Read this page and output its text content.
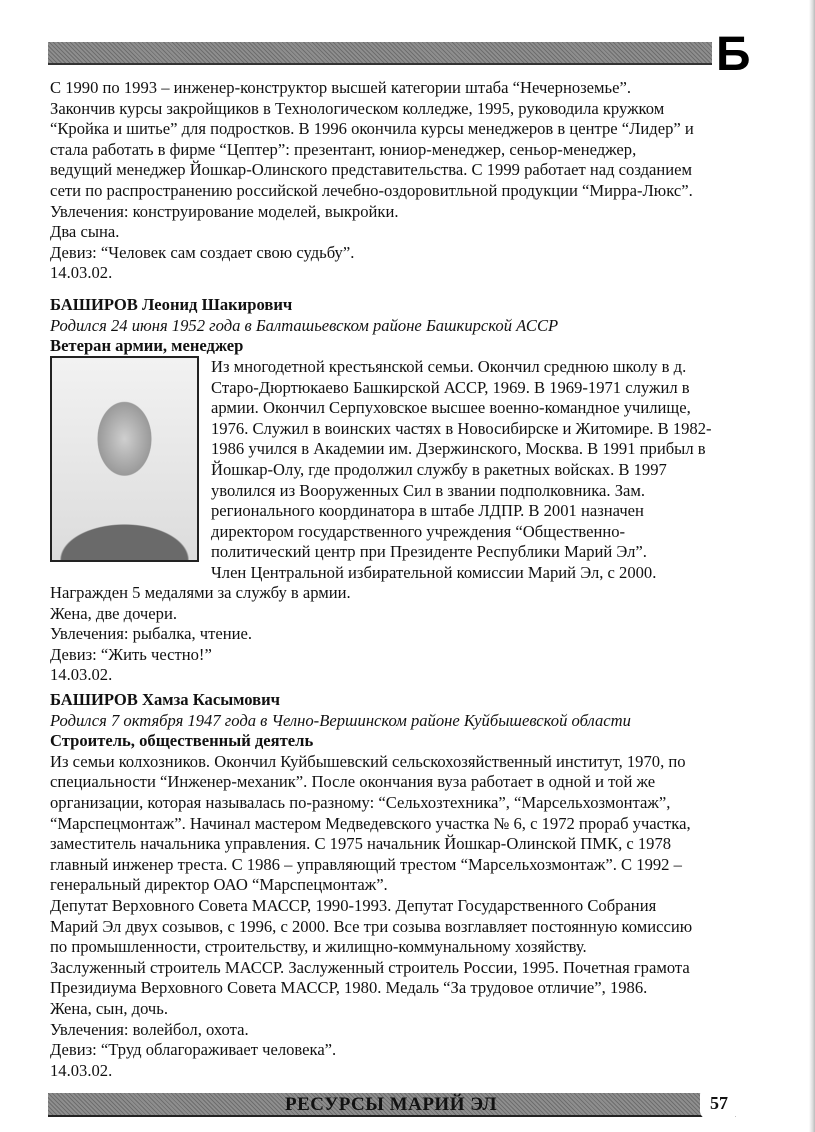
Б
С 1990 по 1993 – инженер-конструктор высшей категории штаба “Нечерноземье”.
Закончив курсы закройщиков в Технологическом колледже, 1995, руководила кружком
“Кройка и шитье” для подростков. В 1996 окончила курсы менеджеров в центре “Лидер” и
стала работать в фирме “Цептер”: презентант, юниор-менеджер, сеньор-менеджер,
ведущий менеджер Йошкар-Олинского представительства. С 1999 работает над созданием
сети по распространению российской лечебно-оздоровитльной продукции “Мирра-Люкс”.
Увлечения: конструирование моделей, выкройки.
Два сына.
Девиз: “Человек сам создает свою судьбу”.
14.03.02.
БАШИРОВ Леонид Шакирович
Родился 24 июня 1952 года в Балташьевском районе Башкирской АССР
Ветеран армии, менеджер
Из многодетной крестьянской семьи. Окончил среднюю школу в д.
Старо-Дюртюкаево Башкирской АССР, 1969. В 1969-1971 служил в
армии. Окончил Серпуховское высшее военно-командное училище,
1976. Служил в воинских частях в Новосибирске и Житомире. В 1982-
1986 учился в Академии им. Дзержинского, Москва. В 1991 прибыл в
Йошкар-Олу, где продолжил службу в ракетных войсках. В 1997
уволился из Вооруженных Сил в звании подполковника. Зам.
регионального координатора в штабе ЛДПР. В 2001 назначен
директором государственного учреждения “Общественно-
политический центр при Президенте Республики Марий Эл”.
Член Центральной избирательной комиссии Марий Эл, с 2000.
Награжден 5 медалями за службу в армии.
Жена, две дочери.
Увлечения: рыбалка, чтение.
Девиз: “Жить честно!”
14.03.02.
БАШИРОВ Хамза Касымович
Родился 7 октября 1947 года в Челно-Вершинском районе Куйбышевской области
Строитель, общественный деятель
Из семьи колхозников. Окончил Куйбышевский сельскохозяйственный институт, 1970, по
специальности “Инженер-механик”. После окончания вуза работает в одной и той же
организации, которая называлась по-разному: “Сельхозтехника”, “Марсельхозмонтаж”,
“Марспецмонтаж”. Начинал мастером Медведевского участка № 6, с 1972 прораб участка,
заместитель начальника управления. С 1975 начальник Йошкар-Олинской ПМК, с 1978
главный инженер треста. С 1986 – управляющий трестом “Марсельхозмонтаж”. С 1992 –
генеральный директор ОАО “Марспецмонтаж”.
Депутат Верховного Совета МАССР, 1990-1993. Депутат Государственного Собрания
Марий Эл двух созывов, с 1996, с 2000. Все три созыва возглавляет постоянную комиссию
по промышленности, строительству, и жилищно-коммунальному хозяйству.
Заслуженный строитель МАССР. Заслуженный строитель России, 1995. Почетная грамота
Президиума Верховного Совета МАССР, 1980. Медаль “За трудовое отличие”, 1986.
Жена, сын, дочь.
Увлечения: волейбол, охота.
Девиз: “Труд облагораживает человека”.
14.03.02.
РЕСУРСЫ МАРИЙ ЭЛ	57
